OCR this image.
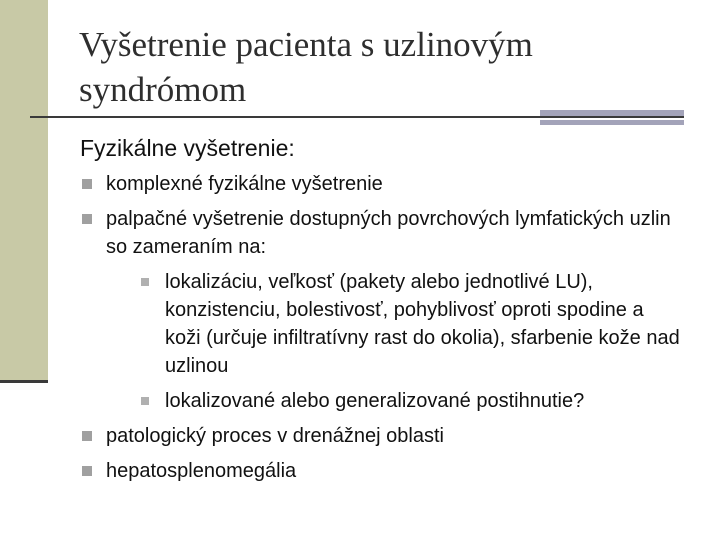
Vyšetrenie pacienta s uzlinovým syndrómom
Fyzikálne vyšetrenie:
komplexné fyzikálne vyšetrenie
palpačné vyšetrenie dostupných povrchových lymfatických uzlin so zameraním na:
lokalizáciu, veľkosť (pakety alebo jednotlivé LU), konzistenciu, bolestivosť, pohyblivosť oproti spodine a koži (určuje infiltratívny rast do okolia), sfarbenie kože nad uzlinou
lokalizované alebo generalizované postihnutie?
patologický proces v drenážnej oblasti
hepatosplenomegália
